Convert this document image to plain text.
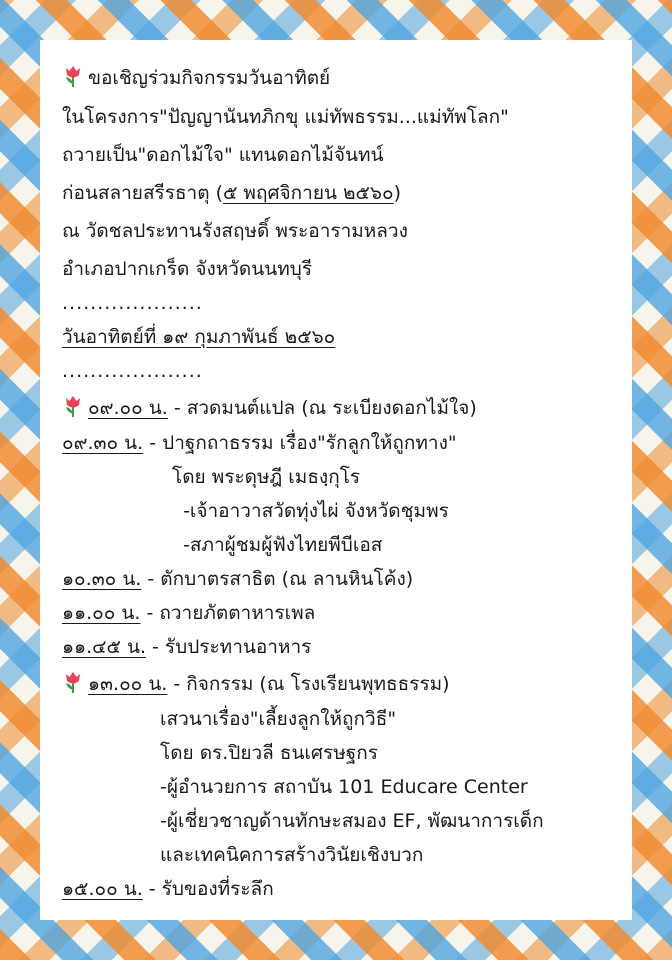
ขอเชิญร่วมกิจกรรมวันอาทิตย์
ในโครงการ"ปัญญานันทภิกขุ แม่ทัพธรรม...แม่ทัพโลก"
ถวายเป็น"ดอกไม้ใจ" แทนดอกไม้จันทน์
ก่อนสลายสรีรธาตุ (๕ พฤศจิกายน ๒๕๖๐)
ณ วัดชลประทานรังสฤษดิ์ พระอารามหลวง
อำเภอปากเกร็ด จังหวัดนนทบุรี
....................
วันอาทิตย์ที่ ๑๙ กุมภาพันธ์ ๒๕๖๐
....................
๐๙.๐๐ น. - สวดมนต์แปล (ณ ระเบียงดอกไม้ใจ)
๐๙.๓๐ น. - ปาฐกถาธรรม เรื่อง"รักลูกให้ถูกทาง"
โดย พระดุษฎี เมธงฺกุโร
-เจ้าอาวาสวัดทุ่งไผ่ จังหวัดชุมพร
-สภาผู้ชมผู้ฟังไทยพีบีเอส
๑๐.๓๐ น. - ตักบาตรสาธิต (ณ ลานหินโค้ง)
๑๑.๐๐ น. - ถวายภัตตาหารเพล
๑๑.๔๕ น. - รับประทานอาหาร
๑๓.๐๐ น. - กิจกรรม (ณ โรงเรียนพุทธธรรม)
เสวนาเรื่อง"เลี้ยงลูกให้ถูกวิธี"
โดย ดร.ปิยวลี ธนเศรษฐกร
-ผู้อำนวยการ สถาบัน 101 Educare Center
-ผู้เชี่ยวชาญด้านทักษะสมอง EF, พัฒนาการเด็ก
และเทคนิคการสร้างวินัยเชิงบวก
๑๕.๐๐ น. - รับของที่ระลึก
